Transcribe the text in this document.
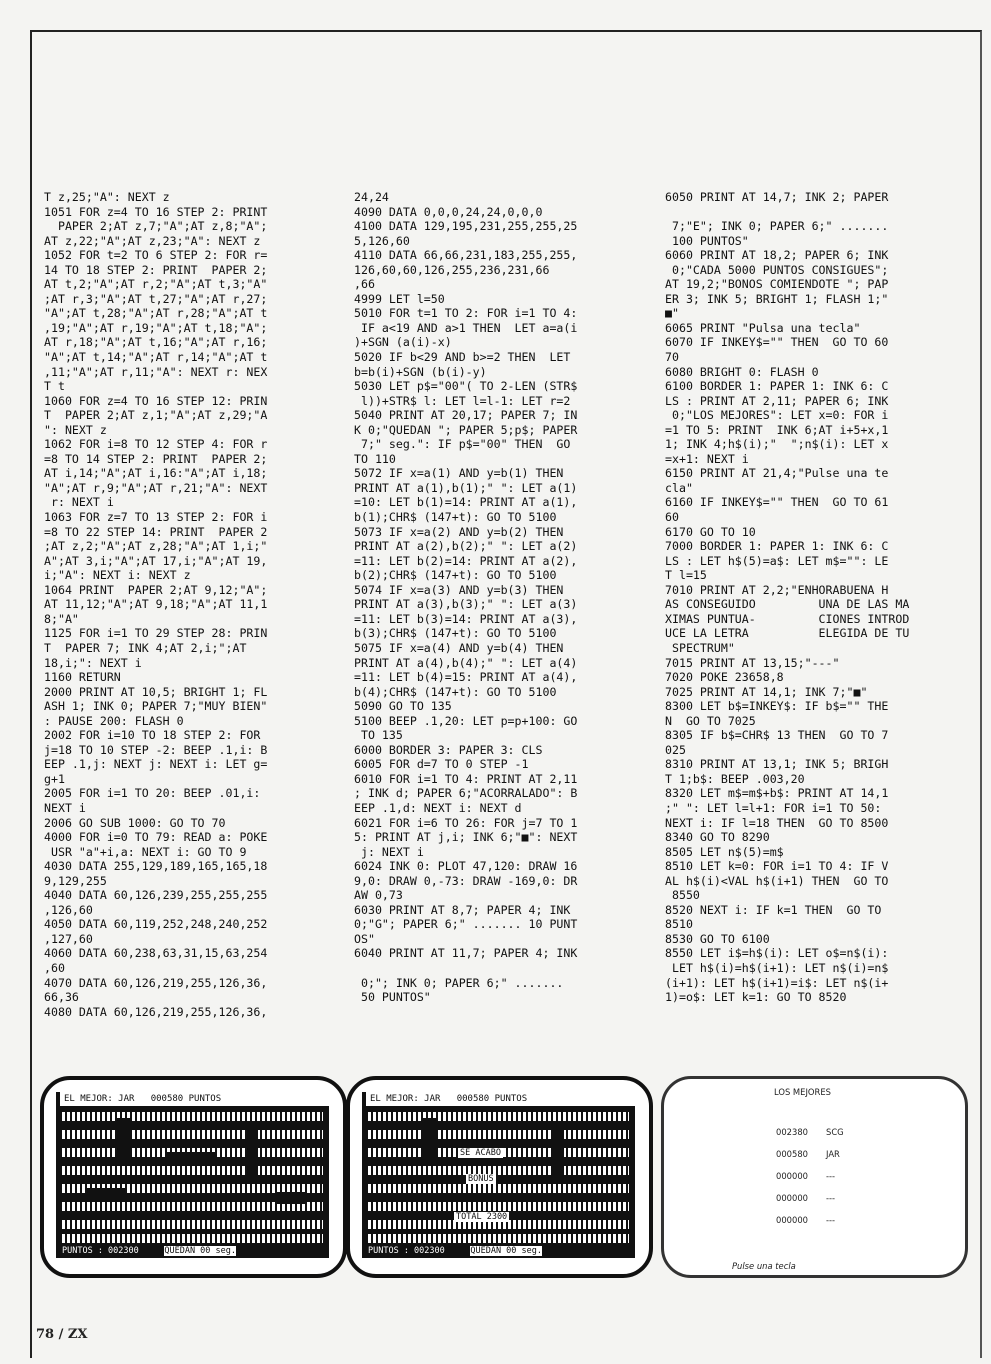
T z,25;"A": NEXT z
1051 FOR z=4 TO 16 STEP 2: PRINT
PAPER 2;AT z,7;"A";AT z,8;"A";
AT z,22;"A";AT z,23;"A": NEXT z
1052 FOR t=2 TO 6 STEP 2: FOR r=
14 TO 18 STEP 2: PRINT  PAPER 2;
AT t,2;"A";AT r,2;"A";AT t,3;"A"
;AT r,3;"A";AT t,27;"A";AT r,27;
"A";AT t,28;"A";AT r,28;"A";AT t
,19;"A";AT r,19;"A";AT t,18;"A";
AT r,18;"A";AT t,16;"A";AT r,16;
"A";AT t,14;"A";AT r,14;"A";AT t
,11;"A";AT r,11;"A": NEXT r: NEX
T t
1060 FOR z=4 TO 16 STEP 12: PRIN
T  PAPER 2;AT z,1;"A";AT z,29;"A
": NEXT z
1062 FOR i=8 TO 12 STEP 4: FOR r
=8 TO 14 STEP 2: PRINT  PAPER 2;
AT i,14;"A";AT i,16:"A";AT i,18;
"A";AT r,9;"A";AT r,21;"A": NEXT
r: NEXT i
1063 FOR z=7 TO 13 STEP 2: FOR i
=8 TO 22 STEP 14: PRINT  PAPER 2
;AT z,2;"A";AT z,28;"A";AT 1,i;"
A";AT 3,i;"A";AT 17,i;"A";AT 19,
i;"A": NEXT i: NEXT z
1064 PRINT  PAPER 2;AT 9,12;"A";
AT 11,12;"A";AT 9,18;"A";AT 11,1
8;"A"
1125 FOR i=1 TO 29 STEP 28: PRIN
T  PAPER 7; INK 4;AT 2,i;";AT
18,i;": NEXT i
1160 RETURN
2000 PRINT AT 10,5; BRIGHT 1; FL
ASH 1; INK 0; PAPER 7;"MUY BIEN"
: PAUSE 200: FLASH 0
2002 FOR i=10 TO 18 STEP 2: FOR
j=18 TO 10 STEP -2: BEEP .1,i: B
EEP .1,j: NEXT j: NEXT i: LET g=
g+1
2005 FOR i=1 TO 20: BEEP .01,i:
NEXT i
2006 GO SUB 1000: GO TO 70
4000 FOR i=0 TO 79: READ a: POKE
USR "a"+i,a: NEXT i: GO TO 9
4030 DATA 255,129,189,165,165,18
9,129,255
4040 DATA 60,126,239,255,255,255
,126,60
4050 DATA 60,119,252,248,240,252
,127,60
4060 DATA 60,238,63,31,15,63,254
,60
4070 DATA 60,126,219,255,126,36,
66,36
4080 DATA 60,126,219,255,126,36,
24,24
4090 DATA 0,0,0,24,24,0,0,0
4100 DATA 129,195,231,255,255,25
5,126,60
4110 DATA 66,66,231,183,255,255,
126,60,60,126,255,236,231,66
,66
4999 LET l=50
5010 FOR t=1 TO 2: FOR i=1 TO 4:
IF a<19 AND a>1 THEN  LET a=a(i
)+SGN (a(i)-x)
5020 IF b<29 AND b>=2 THEN  LET
b=b(i)+SGN (b(i)-y)
5030 LET p$="00"( TO 2-LEN (STR$
l))+STR$ l: LET l=l-1: LET r=2
5040 PRINT AT 20,17; PAPER 7; IN
K 0;"QUEDAN "; PAPER 5;p$; PAPER
7;" seg.": IF p$="00" THEN  GO
TO 110
5072 IF x=a(1) AND y=b(1) THEN
PRINT AT a(1),b(1);" ": LET a(1)
=10: LET b(1)=14: PRINT AT a(1),
b(1);CHR$ (147+t): GO TO 5100
5073 IF x=a(2) AND y=b(2) THEN
PRINT AT a(2),b(2);" ": LET a(2)
=11: LET b(2)=14: PRINT AT a(2),
b(2);CHR$ (147+t): GO TO 5100
5074 IF x=a(3) AND y=b(3) THEN
PRINT AT a(3),b(3);" ": LET a(3)
=11: LET b(3)=14: PRINT AT a(3),
b(3);CHR$ (147+t): GO TO 5100
5075 IF x=a(4) AND y=b(4) THEN
PRINT AT a(4),b(4);" ": LET a(4)
=11: LET b(4)=15: PRINT AT a(4),
b(4);CHR$ (147+t): GO TO 5100
5090 GO TO 135
5100 BEEP .1,20: LET p=p+100: GO
TO 135
6000 BORDER 3: PAPER 3: CLS
6005 FOR d=7 TO 0 STEP -1
6010 FOR i=1 TO 4: PRINT AT 2,11
; INK d; PAPER 6;"ACORRALADO": B
EEP .1,d: NEXT i: NEXT d
6021 FOR i=6 TO 26: FOR j=7 TO 1
5: PRINT AT j,i; INK 6;"■": NEXT
j: NEXT i
6024 INK 0: PLOT 47,120: DRAW 16
9,0: DRAW 0,-73: DRAW -169,0: DR
AW 0,73
6030 PRINT AT 8,7; PAPER 4; INK
0;"G"; PAPER 6;" ....... 10 PUNT
OS"
6040 PRINT AT 11,7; PAPER 4; INK

0;"; INK 0; PAPER 6;" .......
50 PUNTOS"
6050 PRINT AT 14,7; INK 2; PAPER

7;"E"; INK 0; PAPER 6;" .......
100 PUNTOS"
6060 PRINT AT 18,2; PAPER 6; INK
0;"CADA 5000 PUNTOS CONSIGUES";
AT 19,2;"BONOS COMIENDOTE "; PAP
ER 3; INK 5; BRIGHT 1; FLASH 1;"
■"
6065 PRINT "Pulsa una tecla"
6070 IF INKEY$="" THEN  GO TO 60
70
6080 BRIGHT 0: FLASH 0
6100 BORDER 1: PAPER 1: INK 6: C
LS : PRINT AT 2,11; PAPER 6; INK
0;"LOS MEJORES": LET x=0: FOR i
=1 TO 5: PRINT  INK 6;AT i+5+x,1
1; INK 4;h$(i);"  ";n$(i): LET x
=x+1: NEXT i
6150 PRINT AT 21,4;"Pulse una te
cla"
6160 IF INKEY$="" THEN  GO TO 61
60
6170 GO TO 10
7000 BORDER 1: PAPER 1: INK 6: C
LS : LET h$(5)=a$: LET m$="": LE
T l=15
7010 PRINT AT 2,2;"ENHORABUENA H
AS CONSEGUIDO         UNA DE LAS MA
XIMAS PUNTUA-         CIONES INTROD
UCE LA LETRA          ELEGIDA DE TU
SPECTRUM"
7015 PRINT AT 13,15;"---"
7020 POKE 23658,8
7025 PRINT AT 14,1; INK 7;"■"
8300 LET b$=INKEY$: IF b$="" THE
N  GO TO 7025
8305 IF b$=CHR$ 13 THEN  GO TO 7
025
8310 PRINT AT 13,1; INK 5; BRIGH
T 1;b$: BEEP .003,20
8320 LET m$=m$+b$: PRINT AT 14,1
;" ": LET l=l+1: FOR i=1 TO 50:
NEXT i: IF l=18 THEN  GO TO 8500
8340 GO TO 8290
8505 LET n$(5)=m$
8510 LET k=0: FOR i=1 TO 4: IF V
AL h$(i)<VAL h$(i+1) THEN  GO TO
8550
8520 NEXT i: IF k=1 THEN  GO TO
8510
8530 GO TO 6100
8550 LET i$=h$(i): LET o$=n$(i):
LET h$(i)=h$(i+1): LET n$(i)=n$
(i+1): LET h$(i+1)=i$: LET n$(i+
1)=o$: LET k=1: GO TO 8520
EL MEJOR: JAR   000580 PUNTOS
PUNTOS : 002300	QUEDAN 00 seg.
EL MEJOR: JAR   000580 PUNTOS
SE ACABO
BONUS
TOTAL 2300
PUNTOS : 002300	QUEDAN 00 seg.
LOS MEJORES
002380 SCG
000580 JAR
000000 ---
000000 ---
000000 ---
Pulse una tecla
78 / ZX
